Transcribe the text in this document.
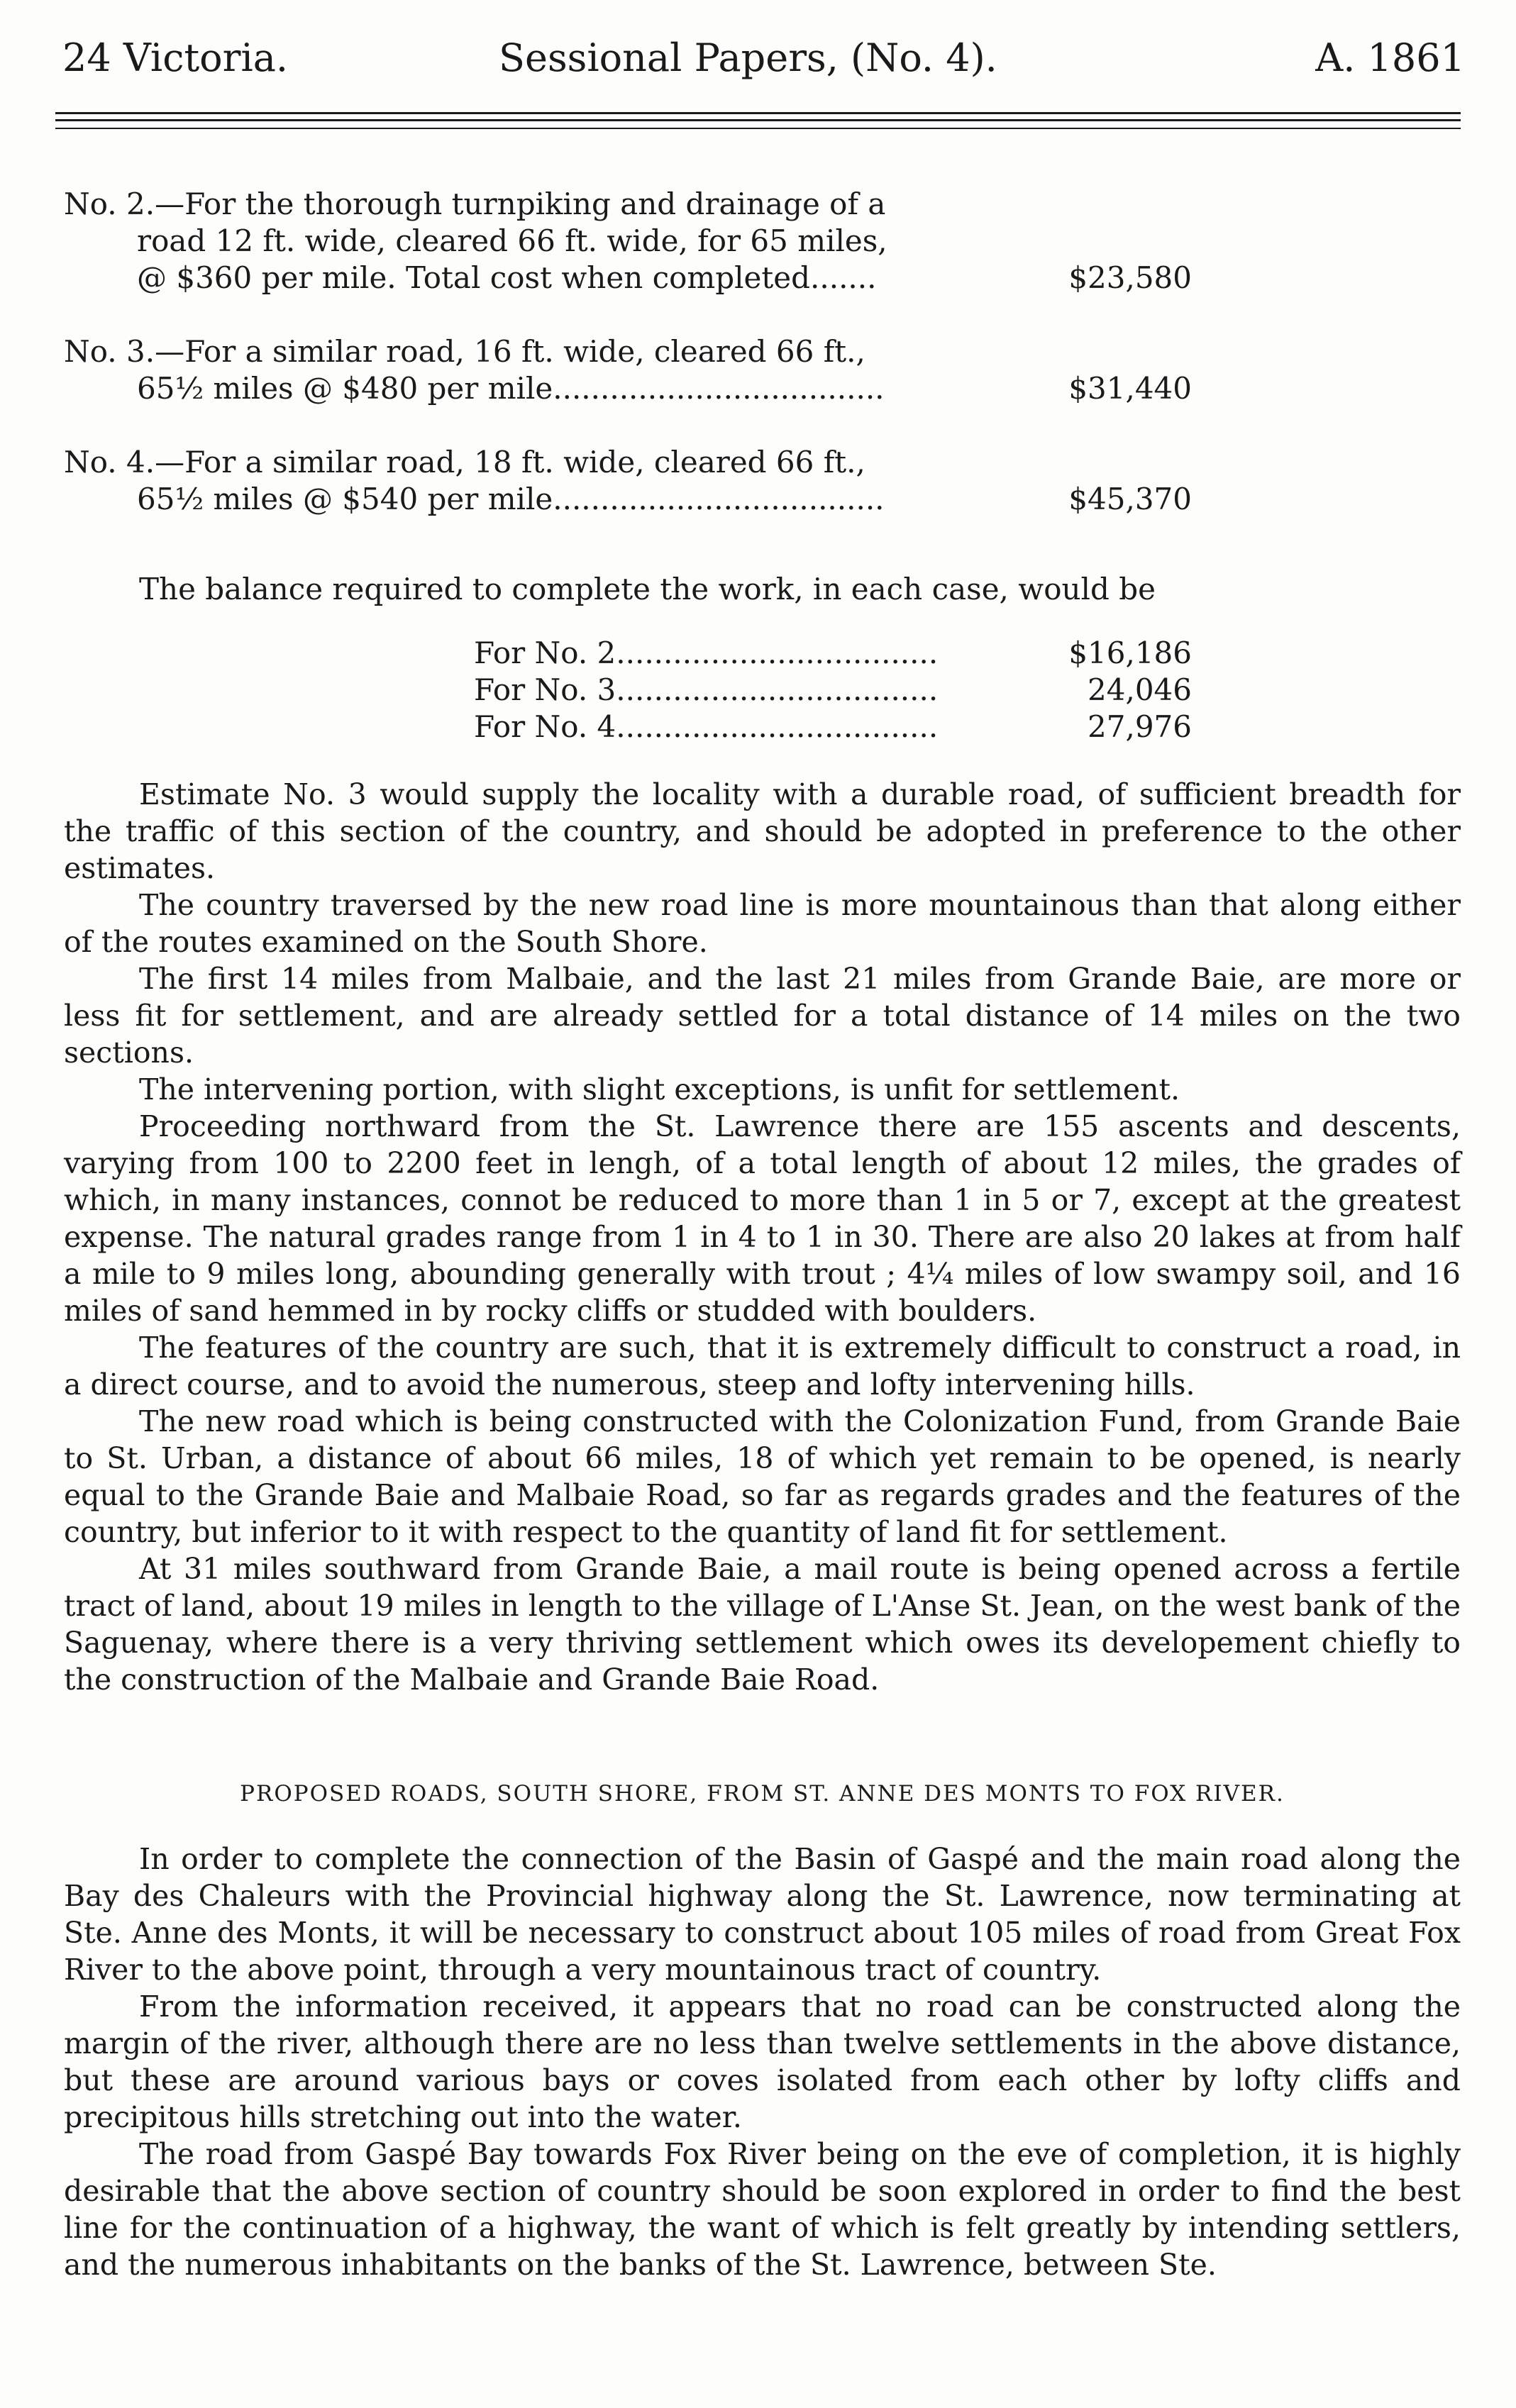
24 Victoria.	Sessional Papers, (No. 4).	A. 1861
No. 2.—For the thorough turnpiking and drainage of a
road 12 ft. wide, cleared 66 ft. wide, for 65 miles,
@ $360 per mile. Total cost when completed.......	$23,580
No. 3.—For a similar road, 16 ft. wide, cleared 66 ft.,
65½ miles @ $480 per mile...................................	$31,440
No. 4.—For a similar road, 18 ft. wide, cleared 66 ft.,
65½ miles @ $540 per mile...................................	$45,370
The balance required to complete the work, in each case, would be
For No. 2..................................	$16,186
For No. 3..................................	24,046
For No. 4..................................	27,976

Estimate No. 3 would supply the locality with a durable road, of sufficient breadth for the traffic of this section of the country, and should be adopted in preference to the other estimates.

The country traversed by the new road line is more mountainous than that along either of the routes examined on the South Shore.

The first 14 miles from Malbaie, and the last 21 miles from Grande Baie, are more or less fit for settlement, and are already settled for a total distance of 14 miles on the two sections.

The intervening portion, with slight exceptions, is unfit for settlement.

Proceeding northward from the St. Lawrence there are 155 ascents and descents, varying from 100 to 2200 feet in lengh, of a total length of about 12 miles, the grades of which, in many instances, connot be reduced to more than 1 in 5 or 7, except at the greatest expense. The natural grades range from 1 in 4 to 1 in 30. There are also 20 lakes at from half a mile to 9 miles long, abounding generally with trout ; 4¼ miles of low swampy soil, and 16 miles of sand hemmed in by rocky cliffs or studded with boulders.

The features of the country are such, that it is extremely difficult to construct a road, in a direct course, and to avoid the numerous, steep and lofty intervening hills.

The new road which is being constructed with the Colonization Fund, from Grande Baie to St. Urban, a distance of about 66 miles, 18 of which yet remain to be opened, is nearly equal to the Grande Baie and Malbaie Road, so far as regards grades and the features of the country, but inferior to it with respect to the quantity of land fit for settlement.

At 31 miles southward from Grande Baie, a mail route is being opened across a fertile tract of land, about 19 miles in length to the village of L'Anse St. Jean, on the west bank of the Saguenay, where there is a very thriving settlement which owes its developement chiefly to the construction of the Malbaie and Grande Baie Road.

PROPOSED ROADS, SOUTH SHORE, FROM ST. ANNE DES MONTS TO FOX RIVER.

In order to complete the connection of the Basin of Gaspé and the main road along the Bay des Chaleurs with the Provincial highway along the St. Lawrence, now terminating at Ste. Anne des Monts, it will be necessary to construct about 105 miles of road from Great Fox River to the above point, through a very mountainous tract of country.

From the information received, it appears that no road can be constructed along the margin of the river, although there are no less than twelve settlements in the above distance, but these are around various bays or coves isolated from each other by lofty cliffs and precipitous hills stretching out into the water.

The road from Gaspé Bay towards Fox River being on the eve of completion, it is highly desirable that the above section of country should be soon explored in order to find the best line for the continuation of a highway, the want of which is felt greatly by intending settlers, and the numerous inhabitants on the banks of the St. Lawrence, between Ste.
